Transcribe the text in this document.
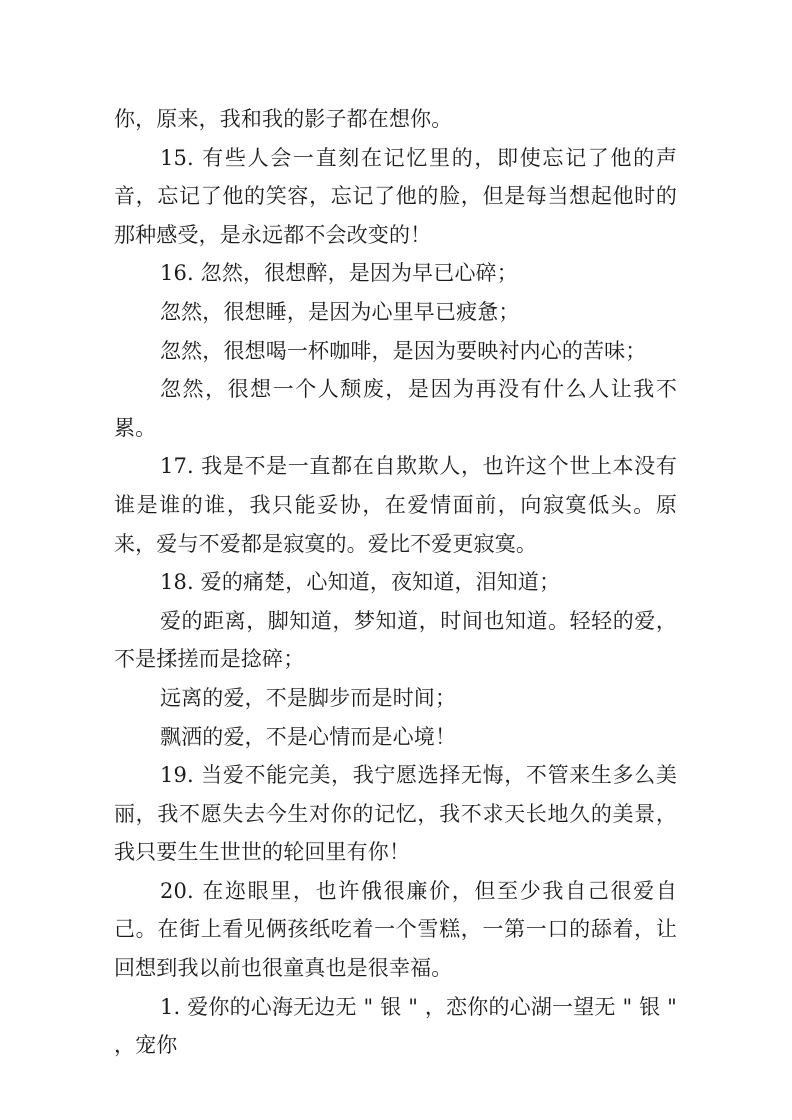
你，原来，我和我的影子都在想你。

15. 有些人会一直刻在记忆里的，即使忘记了他的声音，忘记了他的笑容，忘记了他的脸，但是每当想起他时的那种感受，是永远都不会改变的！

16. 忽然，很想醉，是因为早已心碎；

忽然，很想睡，是因为心里早已疲惫；

忽然，很想喝一杯咖啡，是因为要映衬内心的苦味；

忽然，很想一个人颓废，是因为再没有什么人让我不累。

17. 我是不是一直都在自欺欺人，也许这个世上本没有谁是谁的谁，我只能妥协，在爱情面前，向寂寞低头。原来，爱与不爱都是寂寞的。爱比不爱更寂寞。

18. 爱的痛楚，心知道，夜知道，泪知道；

爱的距离，脚知道，梦知道，时间也知道。轻轻的爱，不是揉搓而是捻碎；

远离的爱，不是脚步而是时间；

飘洒的爱，不是心情而是心境！

19. 当爱不能完美，我宁愿选择无悔，不管来生多么美丽，我不愿失去今生对你的记忆，我不求天长地久的美景，我只要生生世世的轮回里有你！

20. 在迩眼里，也许俄很廉价，但至少我自己很爱自己。在街上看见俩孩纸吃着一个雪糕，一第一口的舔着，让回想到我以前也很童真也是很幸福。

1. 爱你的心海无边无 " 银 " ，恋你的心湖一望无 " 银 " ，宠你
